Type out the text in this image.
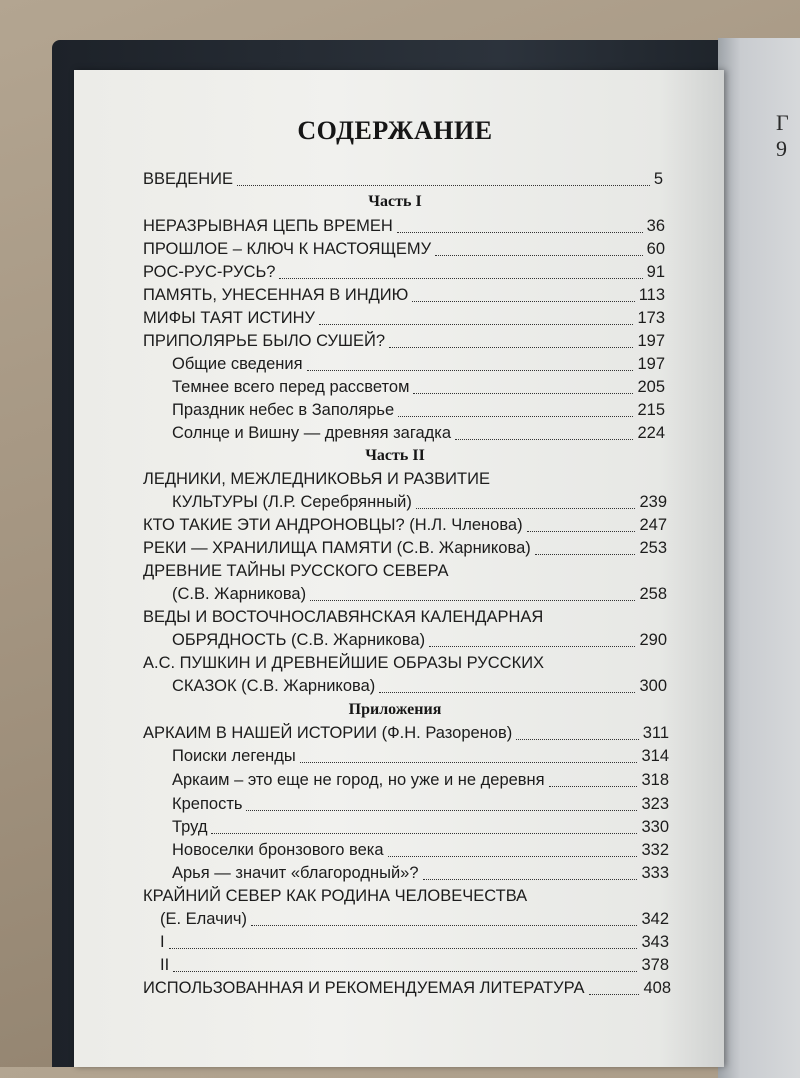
Г 9
СОДЕРЖАНИЕ
ВВЕДЕНИЕ	5
Часть I
НЕРАЗРЫВНАЯ ЦЕПЬ ВРЕМЕН	36
ПРОШЛОЕ – КЛЮЧ К НАСТОЯЩЕМУ	60
РОС-РУС-РУСЬ?	91
ПАМЯТЬ, УНЕСЕННАЯ В ИНДИЮ	113
МИФЫ ТАЯТ ИСТИНУ	173
ПРИПОЛЯРЬЕ БЫЛО СУШЕЙ?	197
Общие сведения	197
Темнее всего перед рассветом	205
Праздник небес в Заполярье	215
Солнце и Вишну — древняя загадка	224
Часть II
ЛЕДНИКИ, МЕЖЛЕДНИКОВЬЯ И РАЗВИТИЕ
КУЛЬТУРЫ (Л.Р. Серебрянный)	239
КТО ТАКИЕ ЭТИ АНДРОНОВЦЫ? (Н.Л. Членова)	247
РЕКИ — ХРАНИЛИЩА ПАМЯТИ (С.В. Жарникова)	253
ДРЕВНИЕ ТАЙНЫ РУССКОГО СЕВЕРА
(С.В. Жарникова)	258
ВЕДЫ И ВОСТОЧНОСЛАВЯНСКАЯ КАЛЕНДАРНАЯ
ОБРЯДНОСТЬ (С.В. Жарникова)	290
А.С. ПУШКИН И ДРЕВНЕЙШИЕ ОБРАЗЫ РУССКИХ
СКАЗОК (С.В. Жарникова)	300
Приложения
АРКАИМ В НАШЕЙ ИСТОРИИ (Ф.Н. Разоренов)	311
Поиски легенды	314
Аркаим – это еще не город, но уже и не деревня	318
Крепость	323
Труд	330
Новоселки бронзового века	332
Арья — значит «благородный»?	333
КРАЙНИЙ СЕВЕР КАК РОДИНА ЧЕЛОВЕЧЕСТВА
(Е. Елачич)	342
I	343
II	378
ИСПОЛЬЗОВАННАЯ И РЕКОМЕНДУЕМАЯ ЛИТЕРАТУРА	408
